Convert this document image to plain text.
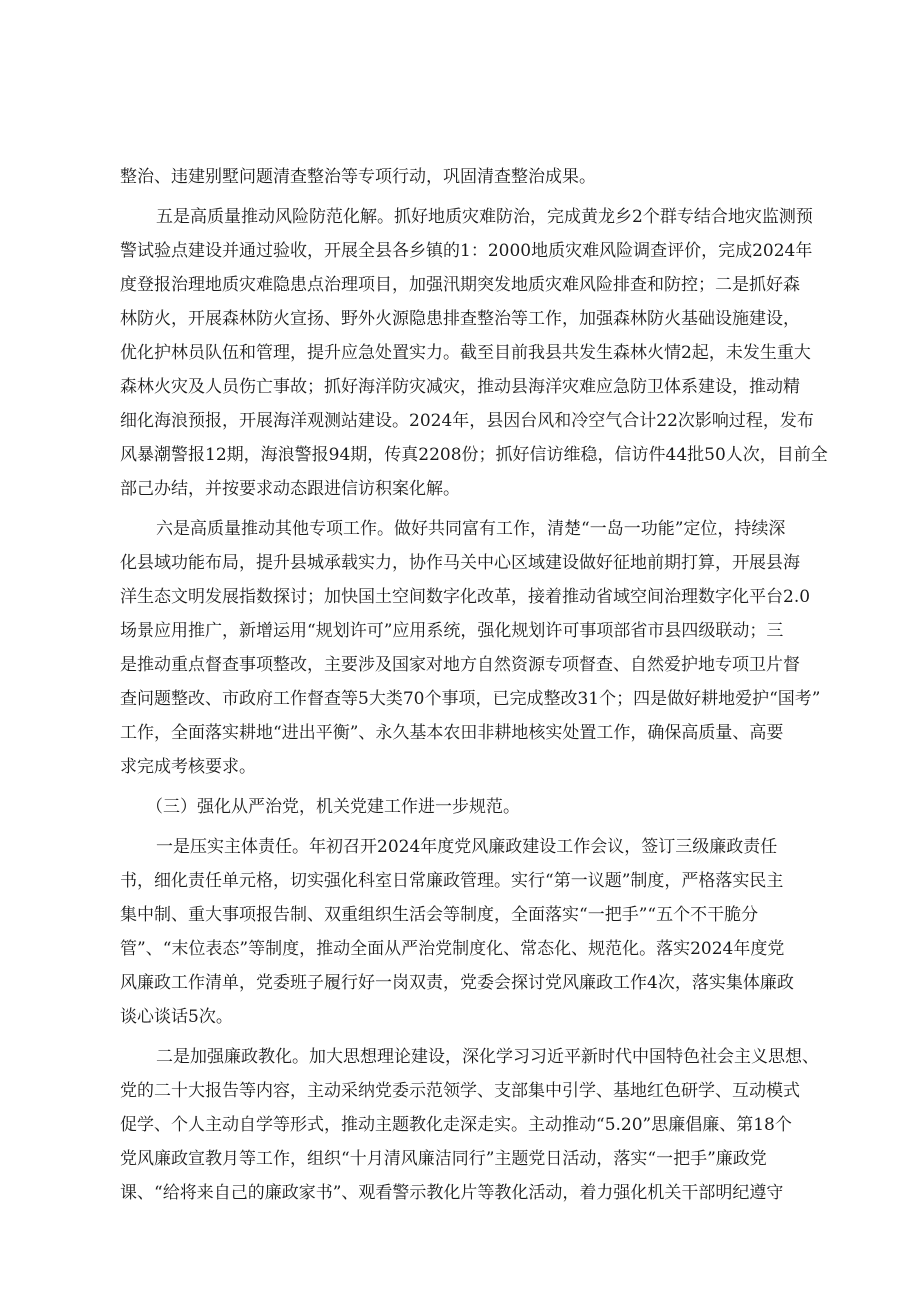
整治、违建别墅问题清查整治等专项行动，巩固清查整治成果。
五是高质量推动风险防范化解。抓好地质灾难防治，完成黄龙乡2个群专结合地灾监测预
警试验点建设并通过验收，开展全县各乡镇的1：2000地质灾难风险调查评价，完成2024年
度登报治理地质灾难隐患点治理项目，加强汛期突发地质灾难风险排查和防控；二是抓好森
林防火，开展森林防火宣扬、野外火源隐患排查整治等工作，加强森林防火基础设施建设，
优化护林员队伍和管理，提升应急处置实力。截至目前我县共发生森林火情2起，未发生重大
森林火灾及人员伤亡事故；抓好海洋防灾减灾，推动县海洋灾难应急防卫体系建设，推动精
细化海浪预报，开展海洋观测站建设。2024年，县因台风和冷空气合计22次影响过程，发布
风暴潮警报12期，海浪警报94期，传真2208份；抓好信访维稳，信访件44批50人次，目前全
部己办结，并按要求动态跟进信访积案化解。
六是高质量推动其他专项工作。做好共同富有工作，清楚“一岛一功能”定位，持续深
化县域功能布局，提升县城承载实力，协作马关中心区域建设做好征地前期打算，开展县海
洋生态文明发展指数探讨；加快国土空间数字化改革，接着推动省域空间治理数字化平台2.0
场景应用推广，新增运用“规划许可”应用系统，强化规划许可事项部省市县四级联动；三
是推动重点督查事项整改，主要涉及国家对地方自然资源专项督查、自然爱护地专项卫片督
查问题整改、市政府工作督查等5大类70个事项，已完成整改31个；四是做好耕地爱护“国考”
工作，全面落实耕地“进出平衡”、永久基本农田非耕地核实处置工作，确保高质量、高要
求完成考核要求。
（三）强化从严治党，机关党建工作进一步规范。
一是压实主体责任。年初召开2024年度党风廉政建设工作会议，签订三级廉政责任
书，细化责任单元格，切实强化科室日常廉政管理。实行“第一议题”制度，严格落实民主
集中制、重大事项报告制、双重组织生活会等制度，全面落实“一把手”“五个不干脆分
管”、“末位表态”等制度，推动全面从严治党制度化、常态化、规范化。落实2024年度党
风廉政工作清单，党委班子履行好一岗双责，党委会探讨党风廉政工作4次，落实集体廉政
谈心谈话5次。
二是加强廉政教化。加大思想理论建设，深化学习习近平新时代中国特色社会主义思想、
党的二十大报告等内容，主动采纳党委示范领学、支部集中引学、基地红色研学、互动模式
促学、个人主动自学等形式，推动主题教化走深走实。主动推动“5.20”思廉倡廉、第18个
党风廉政宣教月等工作，组织“十月清风廉洁同行”主题党日活动，落实“一把手”廉政党
课、“给将来自己的廉政家书”、观看警示教化片等教化活动，着力强化机关干部明纪遵守
